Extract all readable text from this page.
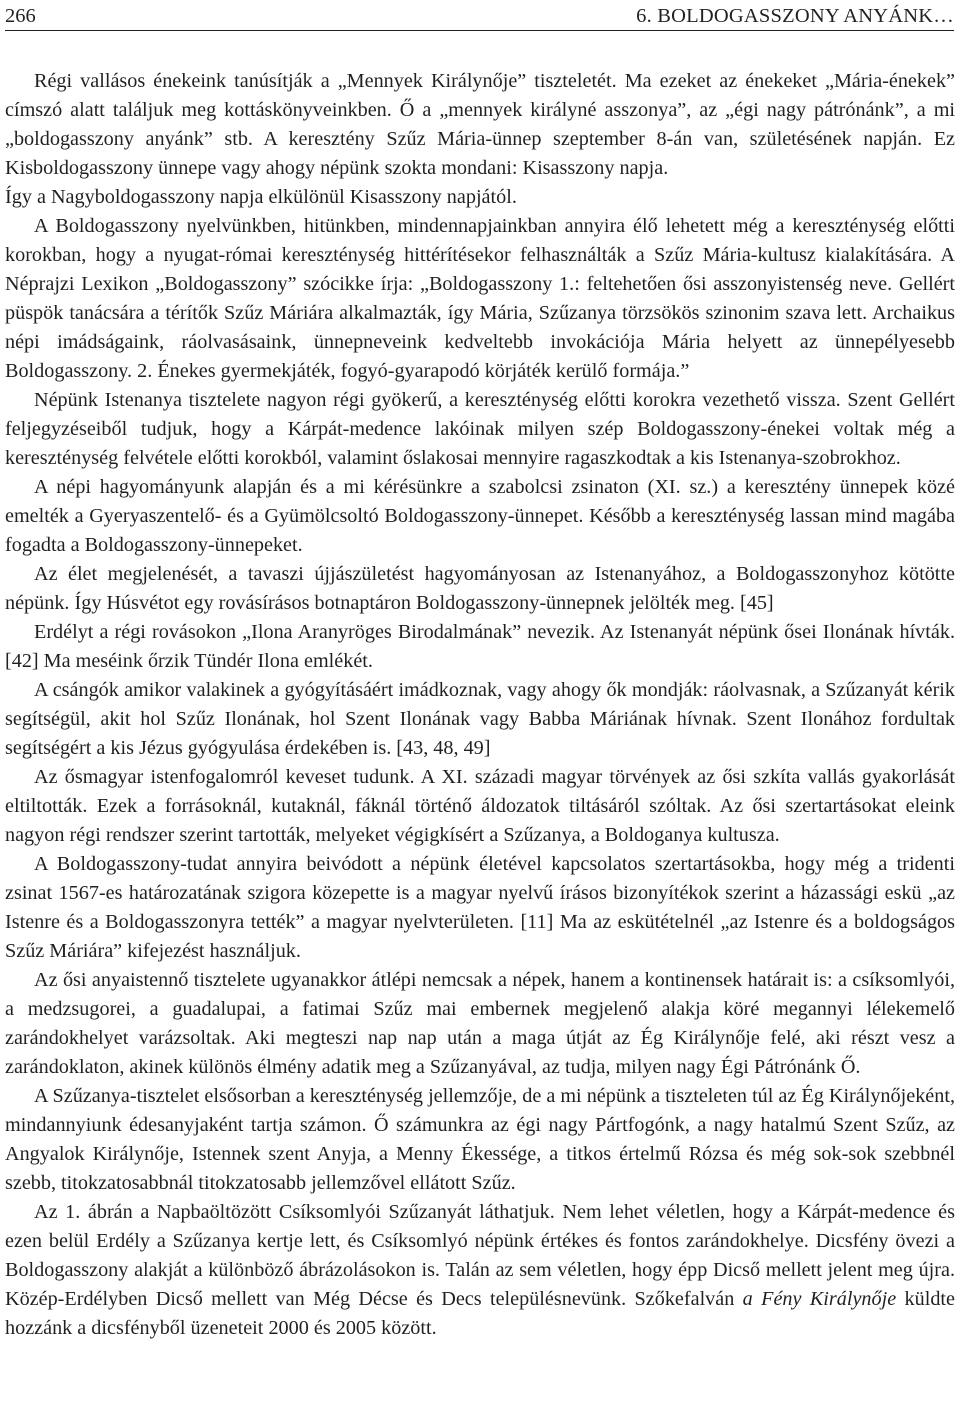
266	6. BOLDOGASSZONY ANYÁNK…

Régi vallásos énekeink tanúsítják a „Mennyek Királynője” tiszteletét. Ma ezeket az énekeket „Mária-énekek” címszó alatt találjuk meg kottáskönyveinkben. Ő a „mennyek királyné asszonya”, az „égi nagy pátrónánk”, a mi „boldogasszony anyánk” stb. A keresztény Szűz Mária-ünnep szeptember 8-án van, születésének napján. Ez Kisboldogasszony ünnepe vagy ahogy népünk szokta mondani: Kisasszony napja.

Így a Nagyboldogasszony napja elkülönül Kisasszony napjától.

A Boldogasszony nyelvünkben, hitünkben, mindennapjainkban annyira élő lehetett még a kereszténység előtti korokban, hogy a nyugat-római kereszténység hittérítésekor felhasználták a Szűz Mária-kultusz kialakítására. A Néprajzi Lexikon „Boldogasszony” szócikke írja: „Boldogasszony 1.: feltehetően ősi asszonyistenség neve. Gellért püspök tanácsára a térítők Szűz Máriára alkalmazták, így Mária, Szűzanya törzsökös szinonim szava lett. Archaikus népi imádságaink, ráolvasásaink, ünnepneveink kedveltebb invokációja Mária helyett az ünnepélyesebb Boldogasszony. 2. Énekes gyermekjáték, fogyó-gyarapodó körjáték kerülő formája.”

Népünk Istenanya tisztelete nagyon régi gyökerű, a kereszténység előtti korokra vezethető vissza. Szent Gellért feljegyzéseiből tudjuk, hogy a Kárpát-medence lakóinak milyen szép Boldogasszony-énekei voltak még a kereszténység felvétele előtti korokból, valamint őslakosai mennyire ragaszkodtak a kis Istenanya-szobrokhoz.

A népi hagyományunk alapján és a mi kérésünkre a szabolcsi zsinaton (XI. sz.) a keresztény ünnepek közé emelték a Gyeryaszentelő- és a Gyümölcsoltó Boldogasszony-ünnepet. Később a kereszténység lassan mind magába fogadta a Boldogasszony-ünnepeket.

Az élet megjelenését, a tavaszi újjászületést hagyományosan az Istenanyához, a Boldogasszonyhoz kötötte népünk. Így Húsvétot egy rovásírásos botnaptáron Boldogasszony-ünnepnek jelölték meg. [45]

Erdélyt a régi rovásokon „Ilona Aranyröges Birodalmának” nevezik. Az Istenanyát népünk ősei Ilonának hívták. [42] Ma meséink őrzik Tündér Ilona emlékét.

A csángók amikor valakinek a gyógyításáért imádkoznak, vagy ahogy ők mondják: ráolvasnak, a Szűzanyát kérik segítségül, akit hol Szűz Ilonának, hol Szent Ilonának vagy Babba Máriának hívnak. Szent Ilonához fordultak segítségért a kis Jézus gyógyulása érdekében is. [43, 48, 49]

Az ősmagyar istenfogalomról keveset tudunk. A XI. századi magyar törvények az ősi szkíta vallás gyakorlását eltiltották. Ezek a forrásoknál, kutaknál, fáknál történő áldozatok tiltásáról szóltak. Az ősi szertartásokat eleink nagyon régi rendszer szerint tartották, melyeket végigkísért a Szűzanya, a Boldoganya kultusza.

A Boldogasszony-tudat annyira beivódott a népünk életével kapcsolatos szertartásokba, hogy még a tridenti zsinat 1567-es határozatának szigora közepette is a magyar nyelvű írásos bizonyítékok szerint a házassági eskü „az Istenre és a Boldogasszonyra tették” a magyar nyelvterületen. [11] Ma az eskütételnél „az Istenre és a boldogságos Szűz Máriára” kifejezést használjuk.

Az ősi anyaistennő tisztelete ugyanakkor átlépi nemcsak a népek, hanem a kontinensek határait is: a csíksomlyói, a medzsugorei, a guadalupai, a fatimai Szűz mai embernek megjelenő alakja köré megannyi lélekemelő zarándokhelyet varázsoltak. Aki megteszi nap nap után a maga útját az Ég Királynője felé, aki részt vesz a zarándoklaton, akinek különös élmény adatik meg a Szűzanyával, az tudja, milyen nagy Égi Pátrónánk Ő.

A Szűzanya-tisztelet elsősorban a kereszténység jellemzője, de a mi népünk a tiszteleten túl az Ég Királynőjeként, mindannyiunk édesanyjaként tartja számon. Ő számunkra az égi nagy Pártfogónk, a nagy hatalmú Szent Szűz, az Angyalok Királynője, Istennek szent Anyja, a Menny Ékessége, a titkos értelmű Rózsa és még sok-sok szebbnél szebb, titokzatosabbnál titokzatosabb jellemzővel ellátott Szűz.

Az 1. ábrán a Napbaöltözött Csíksomlyói Szűzanyát láthatjuk. Nem lehet véletlen, hogy a Kárpát-medence és ezen belül Erdély a Szűzanya kertje lett, és Csíksomlyó népünk értékes és fontos zarándokhelye. Dicsfény övezi a Boldogasszony alakját a különböző ábrázolásokon is. Talán az sem véletlen, hogy épp Dicső mellett jelent meg újra. Közép-Erdélyben Dicső mellett van Még Décse és Decs településnevünk. Szőkefalván a Fény Királynője küldte hozzánk a dicsfényből üzeneteit 2000 és 2005 között.
